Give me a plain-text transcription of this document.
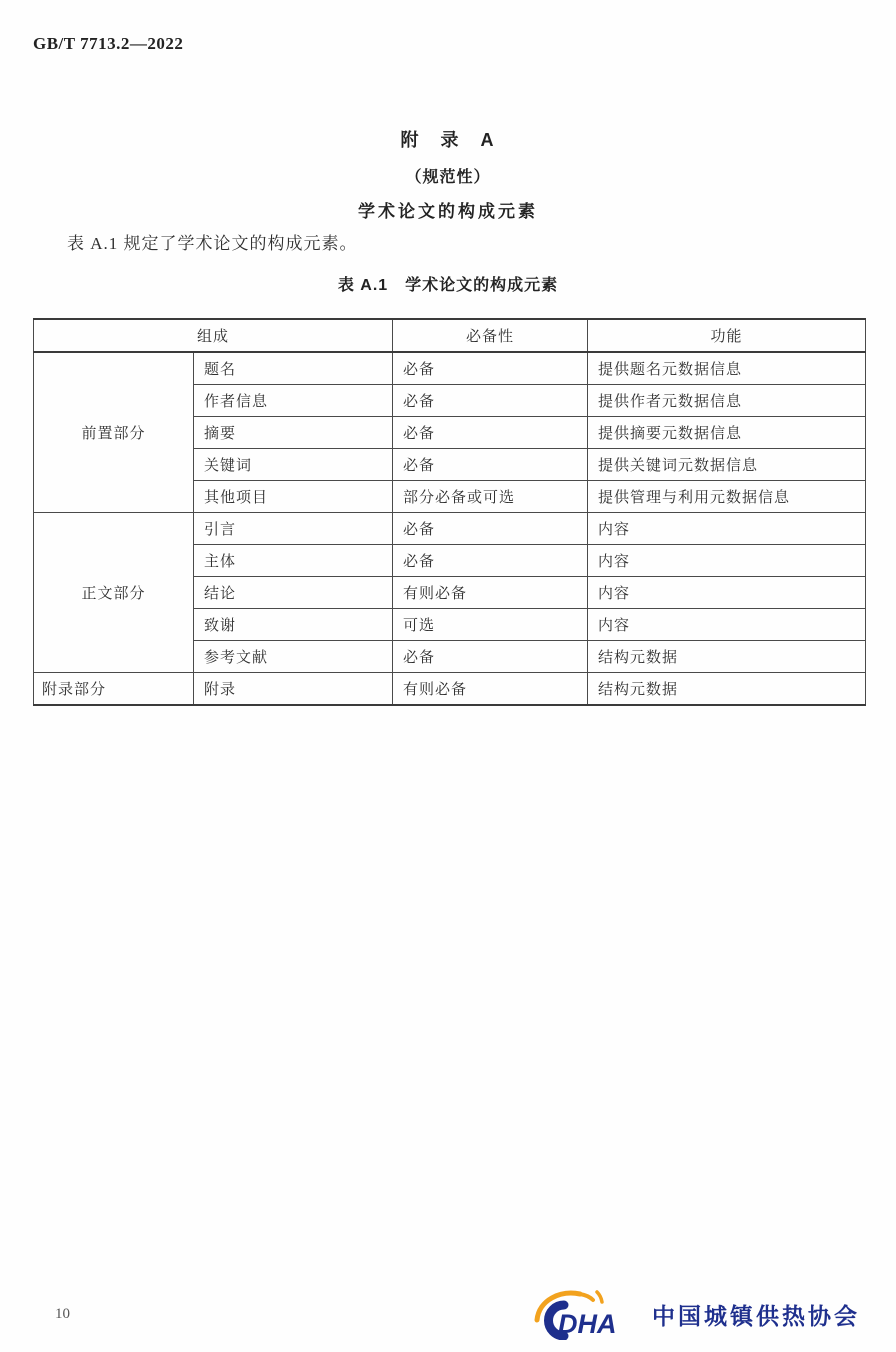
GB/T 7713.2—2022

附　录　A

（规范性）

学术论文的构成元素

表 A.1 规定了学术论文的构成元素。
表 A.1　学术论文的构成元素
组成		必备性	功能
前置部分	题名	必备	提供题名元数据信息
	作者信息	必备	提供作者元数据信息
	摘要	必备	提供摘要元数据信息
	关键词	必备	提供关键词元数据信息
	其他项目	部分必备或可选	提供管理与利用元数据信息
正文部分	引言	必备	内容
	主体	必备	内容
	结论	有则必备	内容
	致谢	可选	内容
	参考文献	必备	结构元数据
附录部分	附录	有则必备	结构元数据
10	DHA 中国城镇供热协会
